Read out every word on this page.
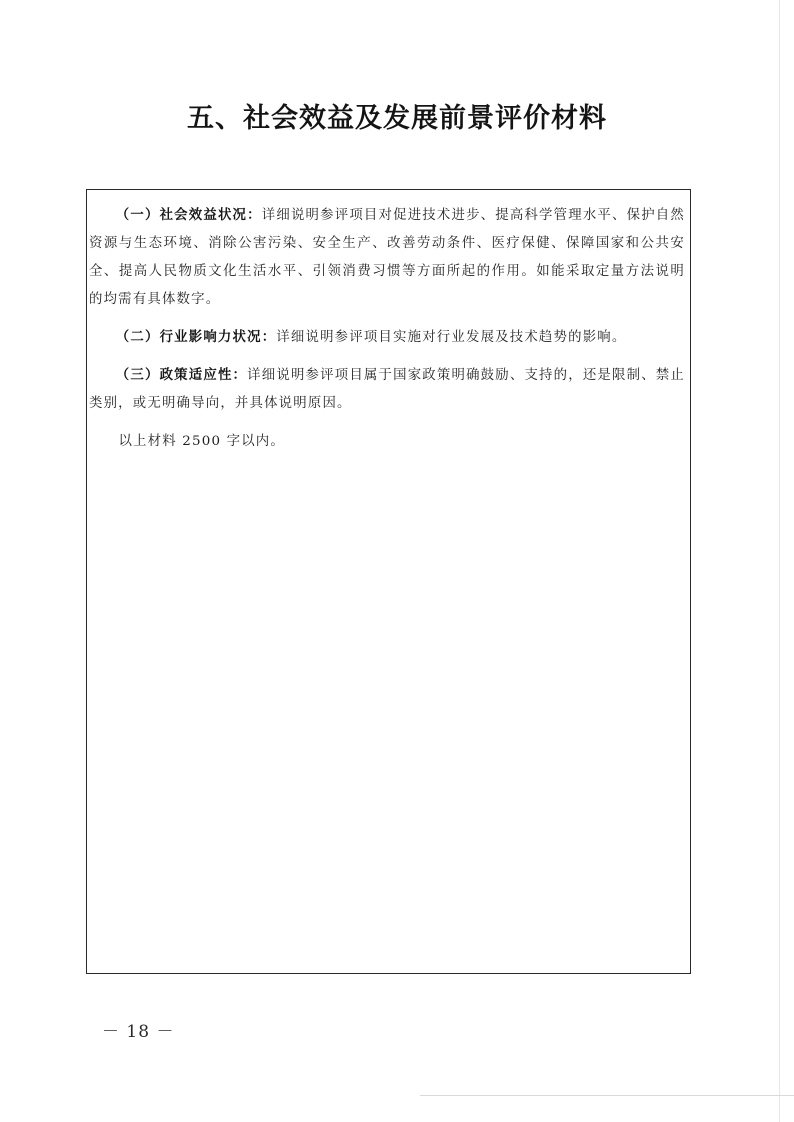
五、社会效益及发展前景评价材料

（一）社会效益状况：详细说明参评项目对促进技术进步、提高科学管理水平、保护自然资源与生态环境、消除公害污染、安全生产、改善劳动条件、医疗保健、保障国家和公共安全、提高人民物质文化生活水平、引领消费习惯等方面所起的作用。如能采取定量方法说明的均需有具体数字。

（二）行业影响力状况：详细说明参评项目实施对行业发展及技术趋势的影响。

（三）政策适应性：详细说明参评项目属于国家政策明确鼓励、支持的，还是限制、禁止类别，或无明确导向，并具体说明原因。

以上材料 2500 字以内。

－ 18 －
